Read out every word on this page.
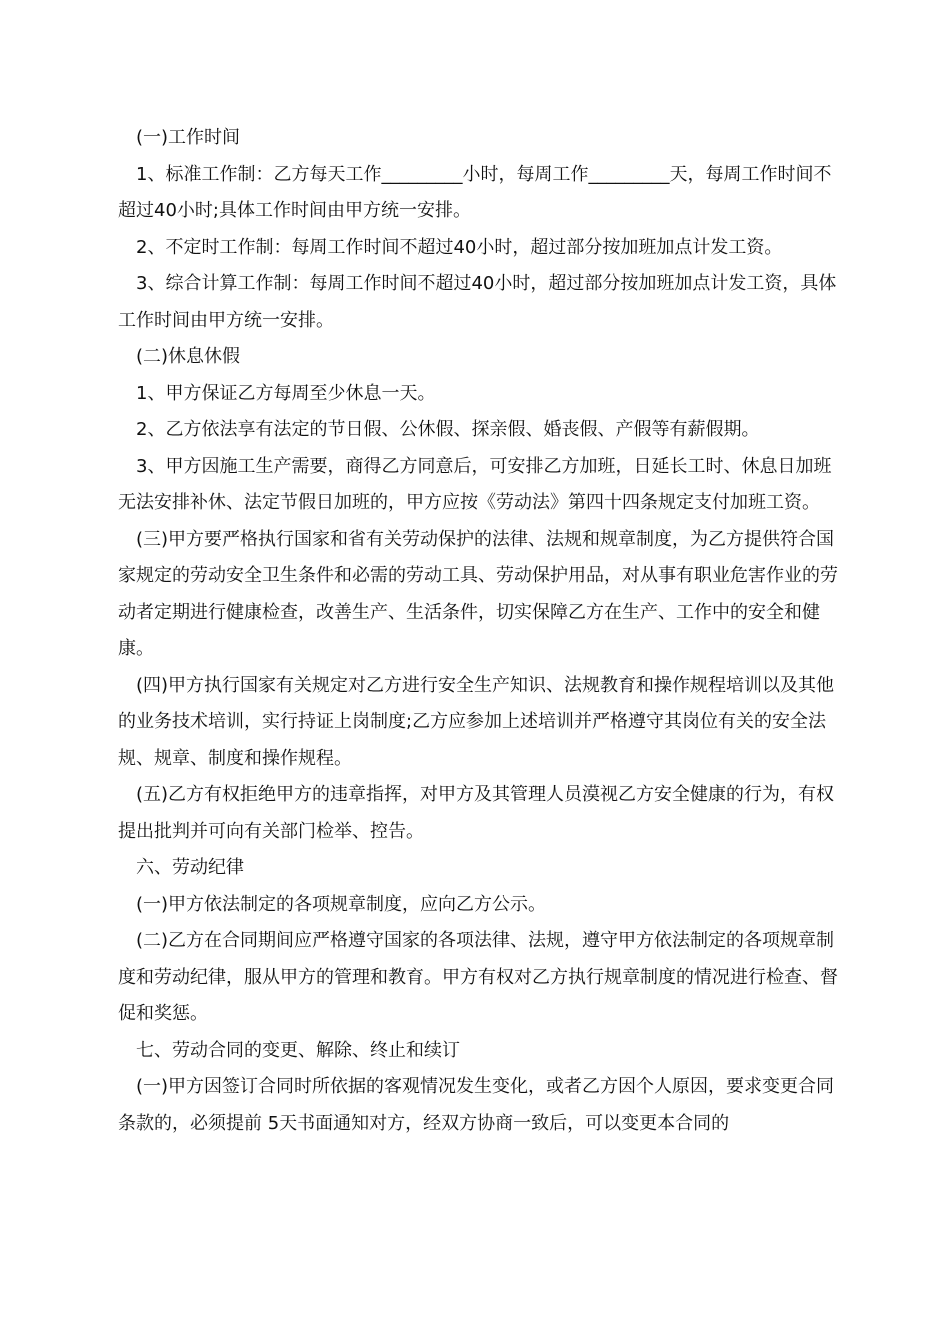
(一)工作时间

1、标准工作制：乙方每天工作_________小时，每周工作_________天，每周工作时间不超过40小时;具体工作时间由甲方统一安排。

2、不定时工作制：每周工作时间不超过40小时，超过部分按加班加点计发工资。

3、综合计算工作制：每周工作时间不超过40小时，超过部分按加班加点计发工资，具体工作时间由甲方统一安排。

(二)休息休假

1、甲方保证乙方每周至少休息一天。

2、乙方依法享有法定的节日假、公休假、探亲假、婚丧假、产假等有薪假期。

3、甲方因施工生产需要，商得乙方同意后，可安排乙方加班，日延长工时、休息日加班无法安排补休、法定节假日加班的，甲方应按《劳动法》第四十四条规定支付加班工资。

(三)甲方要严格执行国家和省有关劳动保护的法律、法规和规章制度，为乙方提供符合国家规定的劳动安全卫生条件和必需的劳动工具、劳动保护用品，对从事有职业危害作业的劳动者定期进行健康检查，改善生产、生活条件，切实保障乙方在生产、工作中的安全和健康。

(四)甲方执行国家有关规定对乙方进行安全生产知识、法规教育和操作规程培训以及其他的业务技术培训，实行持证上岗制度;乙方应参加上述培训并严格遵守其岗位有关的安全法规、规章、制度和操作规程。

(五)乙方有权拒绝甲方的违章指挥，对甲方及其管理人员漠视乙方安全健康的行为，有权提出批判并可向有关部门检举、控告。

六、劳动纪律

(一)甲方依法制定的各项规章制度，应向乙方公示。

(二)乙方在合同期间应严格遵守国家的各项法律、法规，遵守甲方依法制定的各项规章制度和劳动纪律，服从甲方的管理和教育。甲方有权对乙方执行规章制度的情况进行检查、督促和奖惩。

七、劳动合同的变更、解除、终止和续订

(一)甲方因签订合同时所依据的客观情况发生变化，或者乙方因个人原因，要求变更合同条款的，必须提前 5天书面通知对方，经双方协商一致后，可以变更本合同的
